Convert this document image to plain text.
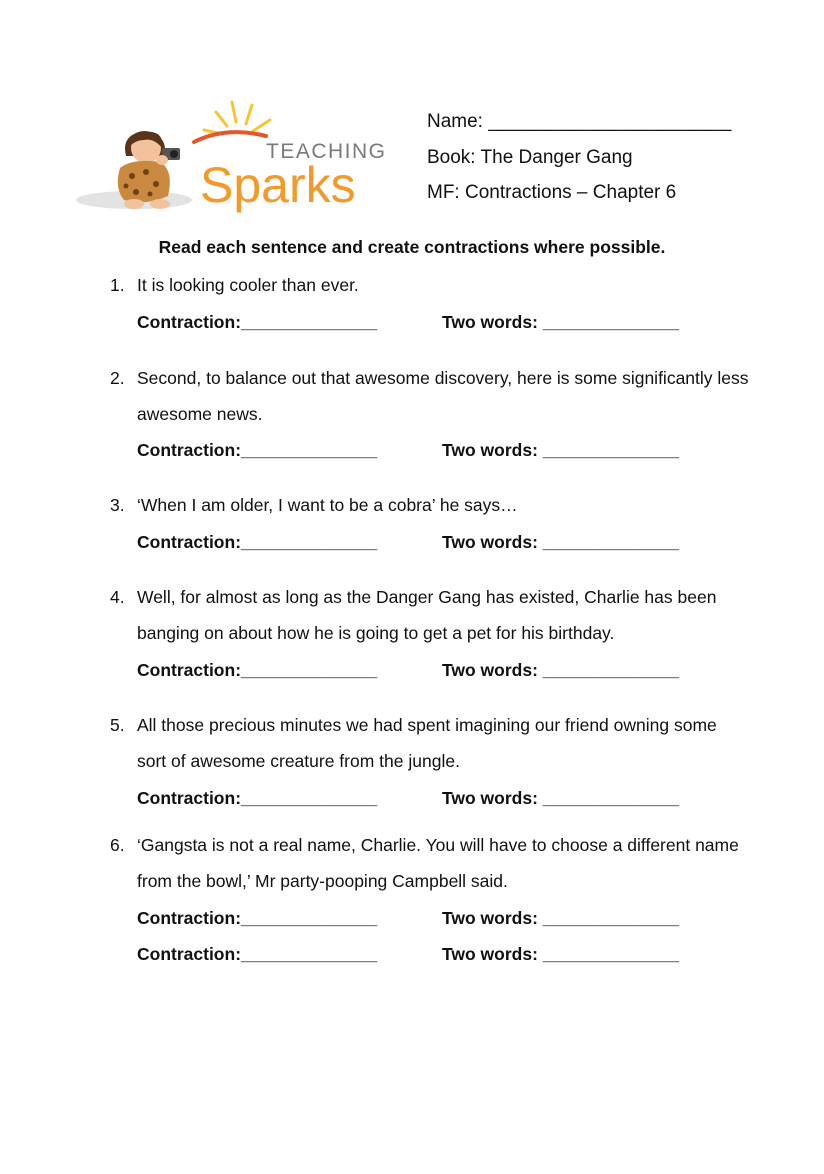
TEACHING
Sparks
Name: _______________________
Book: The Danger Gang
MF: Contractions – Chapter 6
Read each sentence and create contractions where possible.
1. It is looking cooler than ever.
Contraction:______________	Two words: ______________
2. Second, to balance out that awesome discovery, here is some significantly less awesome news.
Contraction:______________	Two words: ______________
3. ‘When I am older, I want to be a cobra’ he says…
Contraction:______________	Two words: ______________
4. Well, for almost as long as the Danger Gang has existed, Charlie has been banging on about how he is going to get a pet for his birthday.
Contraction:______________	Two words: ______________
5. All those precious minutes we had spent imagining our friend owning some sort of awesome creature from the jungle.
Contraction:______________	Two words: ______________
6. ‘Gangsta is not a real name, Charlie. You will have to choose a different name from the bowl,’ Mr party-pooping Campbell said.
Contraction:______________	Two words: ______________
Contraction:______________	Two words: ______________
